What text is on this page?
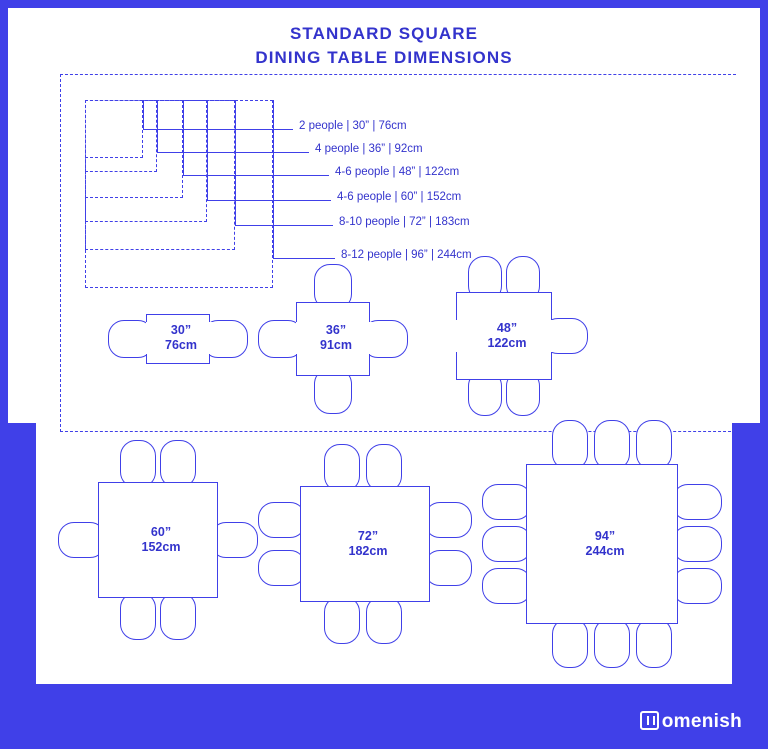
STANDARD SQUARE
DINING TABLE DIMENSIONS
2 people | 30” | 76cm
4 people | 36” | 92cm
4-6 people | 48” | 122cm
4-6 people | 60” | 152cm
8-10 people | 72” | 183cm
8-12 people | 96” | 244cm
30”
76cm
36”
91cm
48”
122cm
60”
152cm
72”
182cm
94”
244cm
omenish
